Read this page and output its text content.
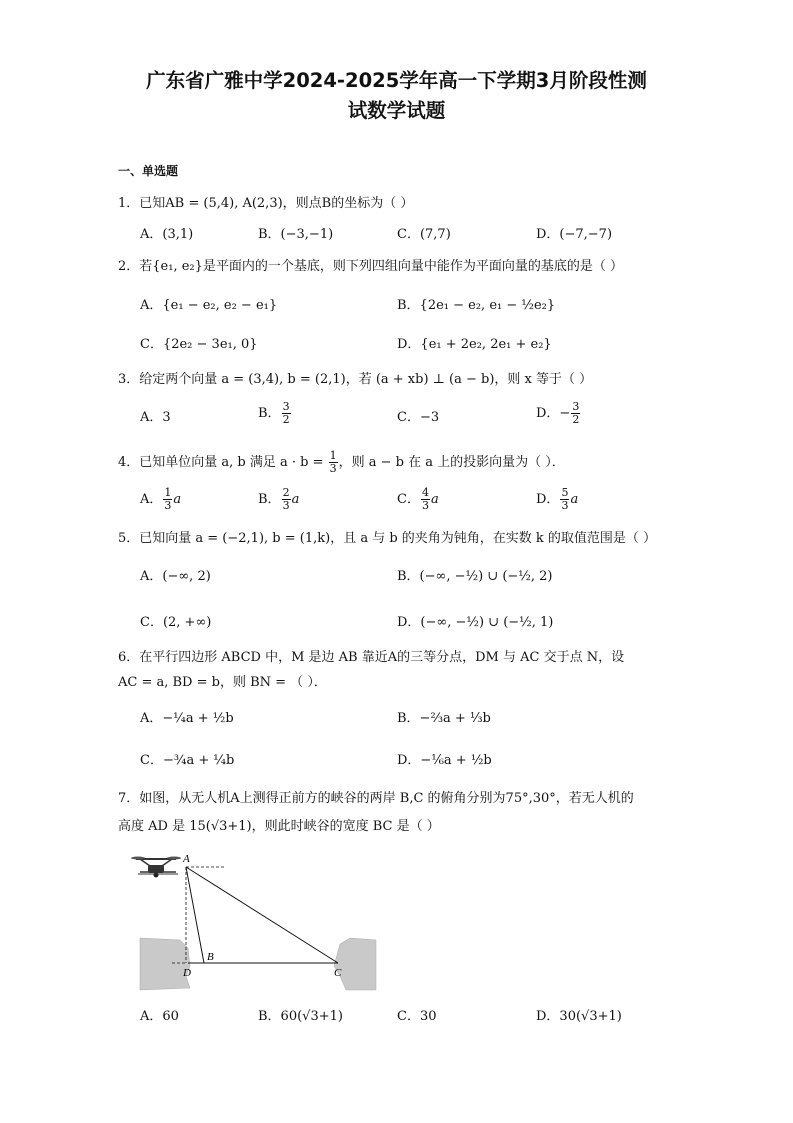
广东省广雅中学2024-2025学年高一下学期3月阶段性测
试数学试题
一、单选题
1．已知AB = (5,4), A(2,3)，则点B的坐标为（ ）
A．(3,1)	B．(−3,−1)	C．(7,7)	D．(−7,−7)
2．若{e₁, e₂}是平面内的一个基底，则下列四组向量中能作为平面向量的基底的是（ ）
A．{e₁ − e₂, e₂ − e₁}	B．{2e₁ − e₂, e₁ − ½e₂}
C．{2e₂ − 3e₁, 0}	D．{e₁ + 2e₂, 2e₁ + e₂}
3．给定两个向量 a = (3,4), b = (2,1)，若 (a + xb) ⊥ (a − b)，则 x 等于（ ）
A．3	B． $\frac{3}{2}$	C．−3	D．− $\frac{3}{2}$
4．已知单位向量 a, b 满足 $a \cdot b = \frac{1}{3}$ ，则 a − b 在 a 上的投影向量为（ ）．
A． $\frac{1}{3}$ a	B． $\frac{2}{3}$ a	C． $\frac{4}{3}$ a	D． $\frac{5}{3}$ a
5．已知向量 a = (−2,1), b = (1,k)，且 a 与 b 的夹角为钝角，在实数 k 的取值范围是（ ）
A．(−∞, 2)	B．(−∞, −½) ∪ (−½, 2)
C．(2, +∞)	D．(−∞, −½) ∪ (−½, 1)
6．在平行四边形 ABCD 中，M 是边 AB 靠近A的三等分点，DM 与 AC 交于点 N，设
AC = a, BD = b，则 BN = （ ）．
A．−¼a + ½b	B．−⅔a + ⅓b
C．−¾a + ¼b	D．−⅙a + ½b
7．如图，从无人机A上测得正前方的峡谷的两岸 B,C 的俯角分别为75°,30°，若无人机的
高度 AD 是 15(√3+1)，则此时峡谷的宽度 BC 是（ ）
A
B
C
D
A．60	B．60(√3+1)	C．30	D．30(√3+1)
